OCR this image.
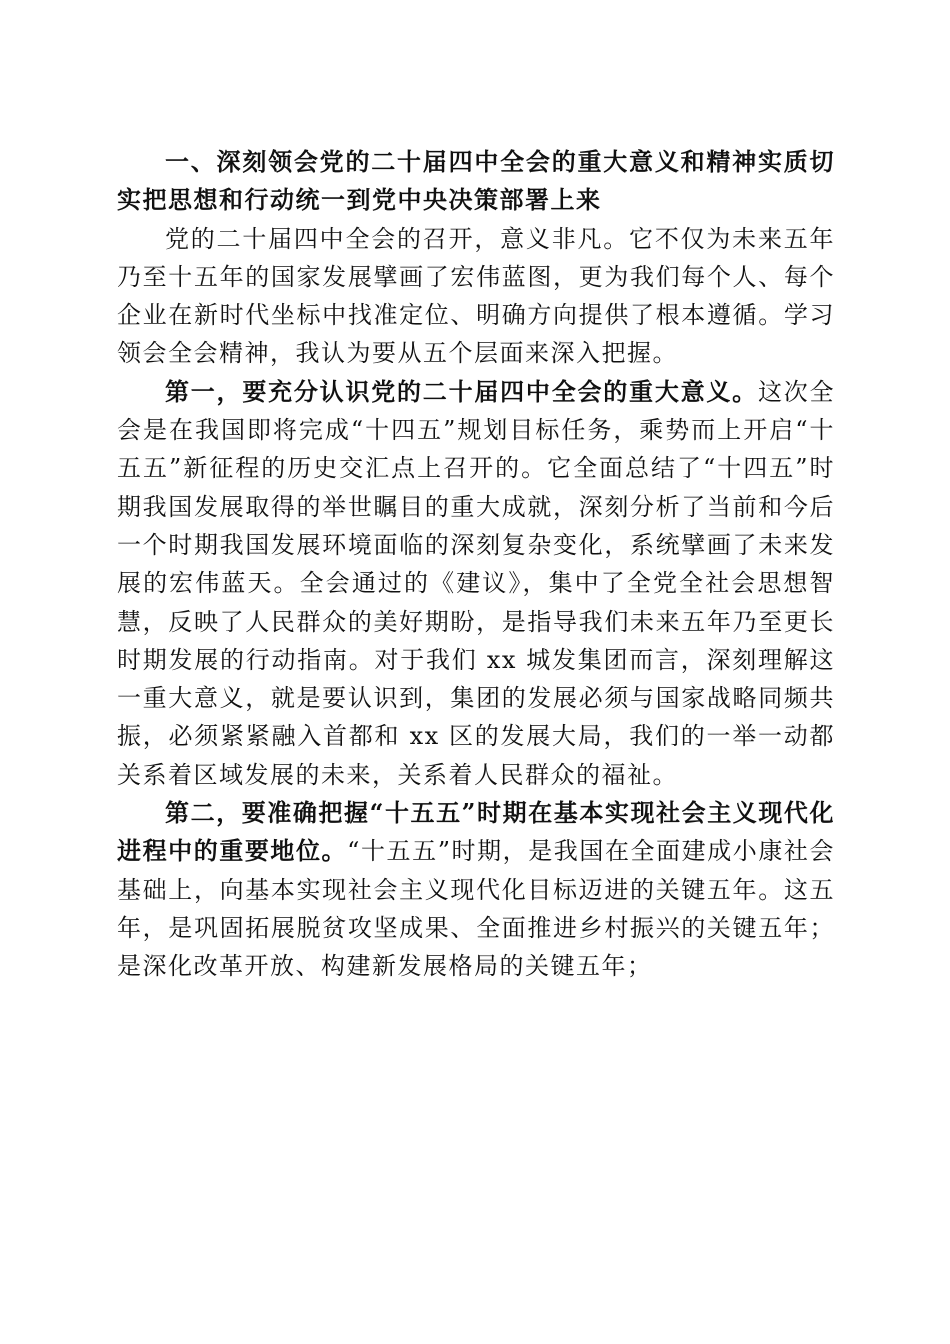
一、深刻领会党的二十届四中全会的重大意义和精神实质切实把思想和行动统一到党中央决策部署上来

党的二十届四中全会的召开，意义非凡。它不仅为未来五年乃至十五年的国家发展擘画了宏伟蓝图，更为我们每个人、每个企业在新时代坐标中找准定位、明确方向提供了根本遵循。学习领会全会精神，我认为要从五个层面来深入把握。

第一，要充分认识党的二十届四中全会的重大意义。这次全会是在我国即将完成“十四五”规划目标任务，乘势而上开启“十五五”新征程的历史交汇点上召开的。它全面总结了“十四五”时期我国发展取得的举世瞩目的重大成就，深刻分析了当前和今后一个时期我国发展环境面临的深刻复杂变化，系统擘画了未来发展的宏伟蓝天。全会通过的《建议》，集中了全党全社会思想智慧，反映了人民群众的美好期盼，是指导我们未来五年乃至更长时期发展的行动指南。对于我们 xx 城发集团而言，深刻理解这一重大意义，就是要认识到，集团的发展必须与国家战略同频共振，必须紧紧融入首都和 xx 区的发展大局，我们的一举一动都关系着区域发展的未来，关系着人民群众的福祉。

第二，要准确把握“十五五”时期在基本实现社会主义现代化进程中的重要地位。“十五五”时期，是我国在全面建成小康社会基础上，向基本实现社会主义现代化目标迈进的关键五年。这五年，是巩固拓展脱贫攻坚成果、全面推进乡村振兴的关键五年；是深化改革开放、构建新发展格局的关键五年；
